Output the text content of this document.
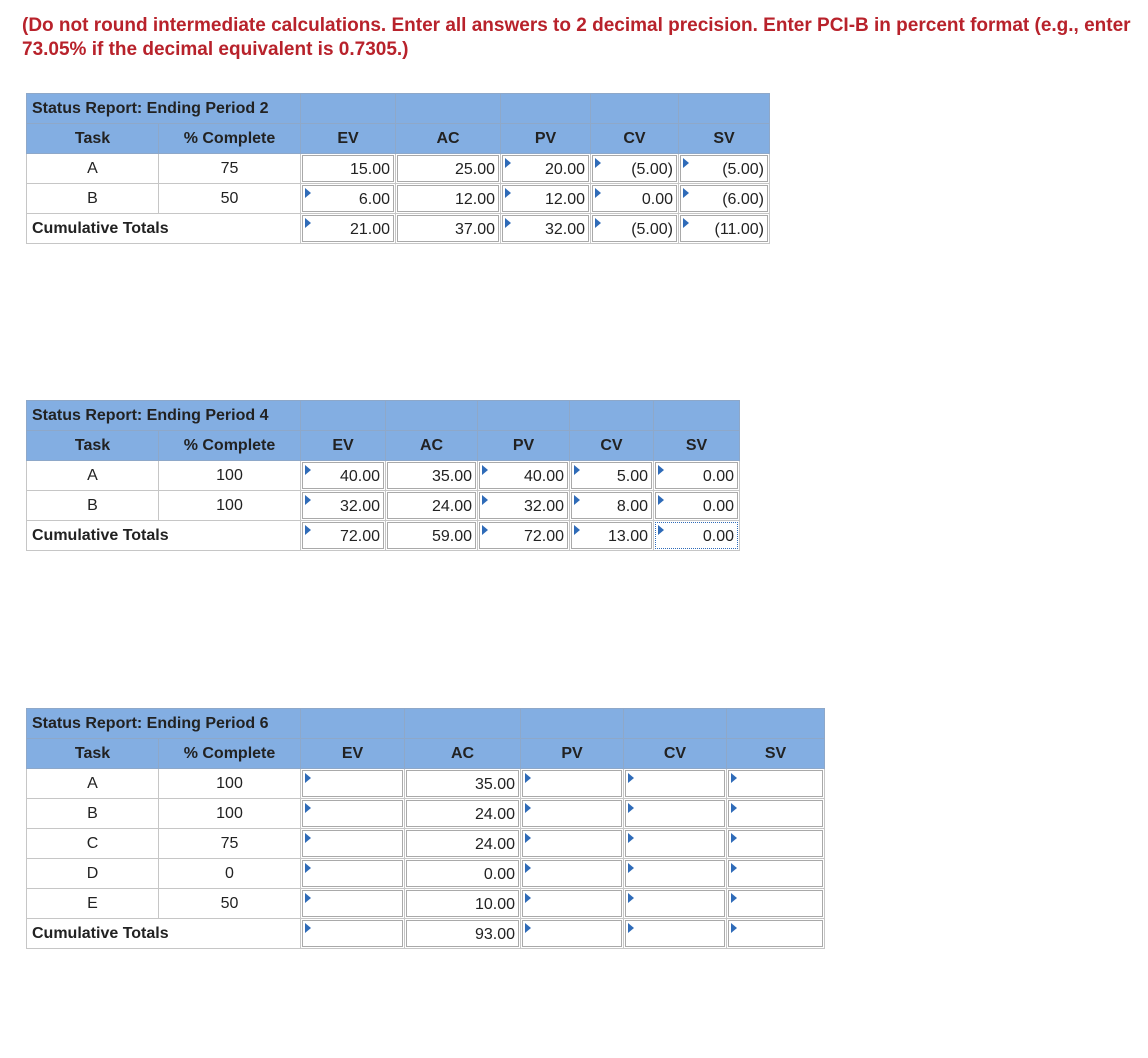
(Do not round intermediate calculations. Enter all answers to 2 decimal precision. Enter PCI-B in percent format (e.g., enter 73.05% if the decimal equivalent is 0.7305.)
Status Report: Ending Period 2						
Task	% Complete	EV	AC	PV	CV	SV
A	75	15.00	25.00	20.00	(5.00)	(5.00)

B	50	6.00	12.00	12.00	0.00	(6.00)

Cumulative Totals		21.00	37.00	32.00	(5.00)	(11.00)
Status Report: Ending Period 4						
Task	% Complete	EV	AC	PV	CV	SV
A	100	40.00	35.00	40.00	5.00	0.00

B	100	32.00	24.00	32.00	8.00	0.00

Cumulative Totals		72.00	59.00	72.00	13.00	0.00
Status Report: Ending Period 6						
Task	% Complete	EV	AC	PV	CV	SV
A	100		35.00			

B	100		24.00			

C	75		24.00			

D	0		0.00			

E	50		10.00			

Cumulative Totals			93.00			
